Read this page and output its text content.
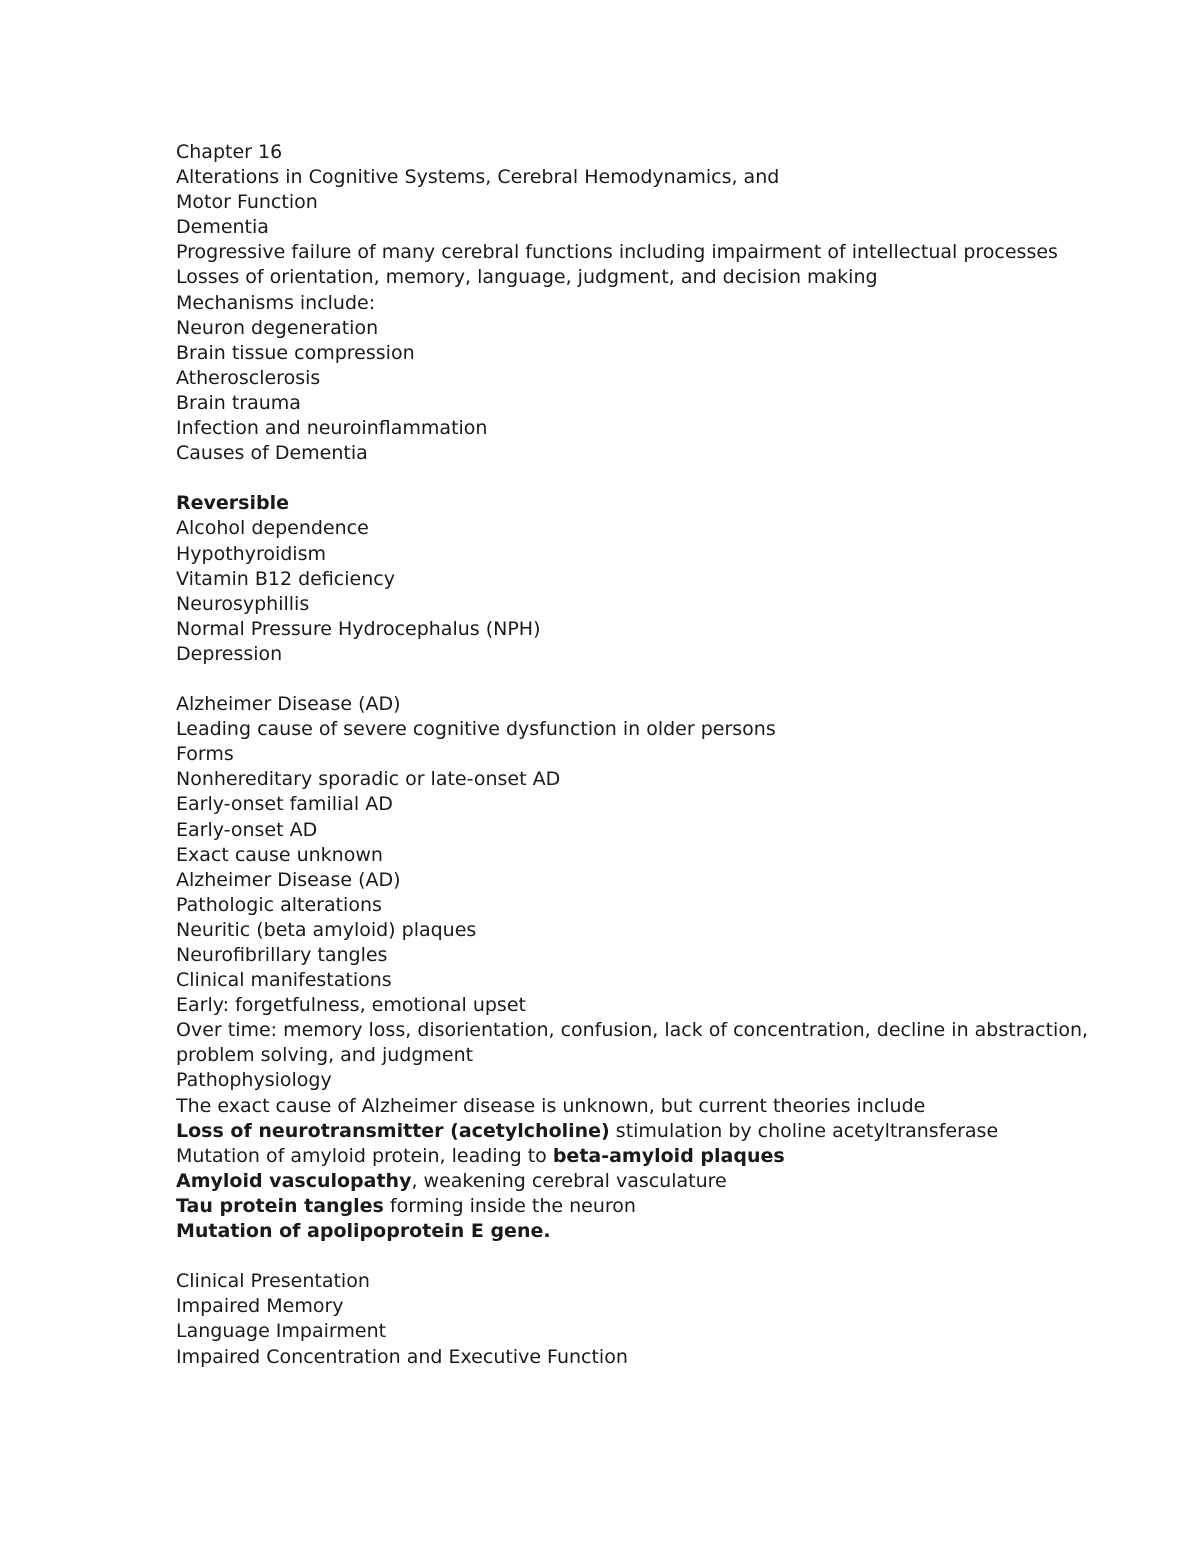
Chapter 16
Alterations in Cognitive Systems, Cerebral Hemodynamics, and
Motor Function
Dementia
Progressive failure of many cerebral functions including impairment of intellectual processes
Losses of orientation, memory, language, judgment, and decision making
Mechanisms include:
Neuron degeneration
Brain tissue compression
Atherosclerosis
Brain trauma
Infection and neuroinflammation
Causes of Dementia
Reversible
Alcohol dependence
Hypothyroidism
Vitamin B12 deficiency
Neurosyphillis
Normal Pressure Hydrocephalus (NPH)
Depression
Alzheimer Disease (AD)
Leading cause of severe cognitive dysfunction in older persons
Forms
Nonhereditary sporadic or late-onset AD
Early-onset familial AD
Early-onset AD
Exact cause unknown
Alzheimer Disease (AD)
Pathologic alterations
Neuritic (beta amyloid) plaques
Neurofibrillary tangles
Clinical manifestations
Early: forgetfulness, emotional upset
Over time: memory loss, disorientation, confusion, lack of concentration, decline in abstraction, problem solving, and judgment
Pathophysiology
The exact cause of Alzheimer disease is unknown, but current theories include
Loss of neurotransmitter (acetylcholine) stimulation by choline acetyltransferase
Mutation of amyloid protein, leading to beta-amyloid plaques
Amyloid vasculopathy, weakening cerebral vasculature
Tau protein tangles forming inside the neuron
Mutation of apolipoprotein E gene.
Clinical Presentation
Impaired Memory
Language Impairment
Impaired Concentration and Executive Function
